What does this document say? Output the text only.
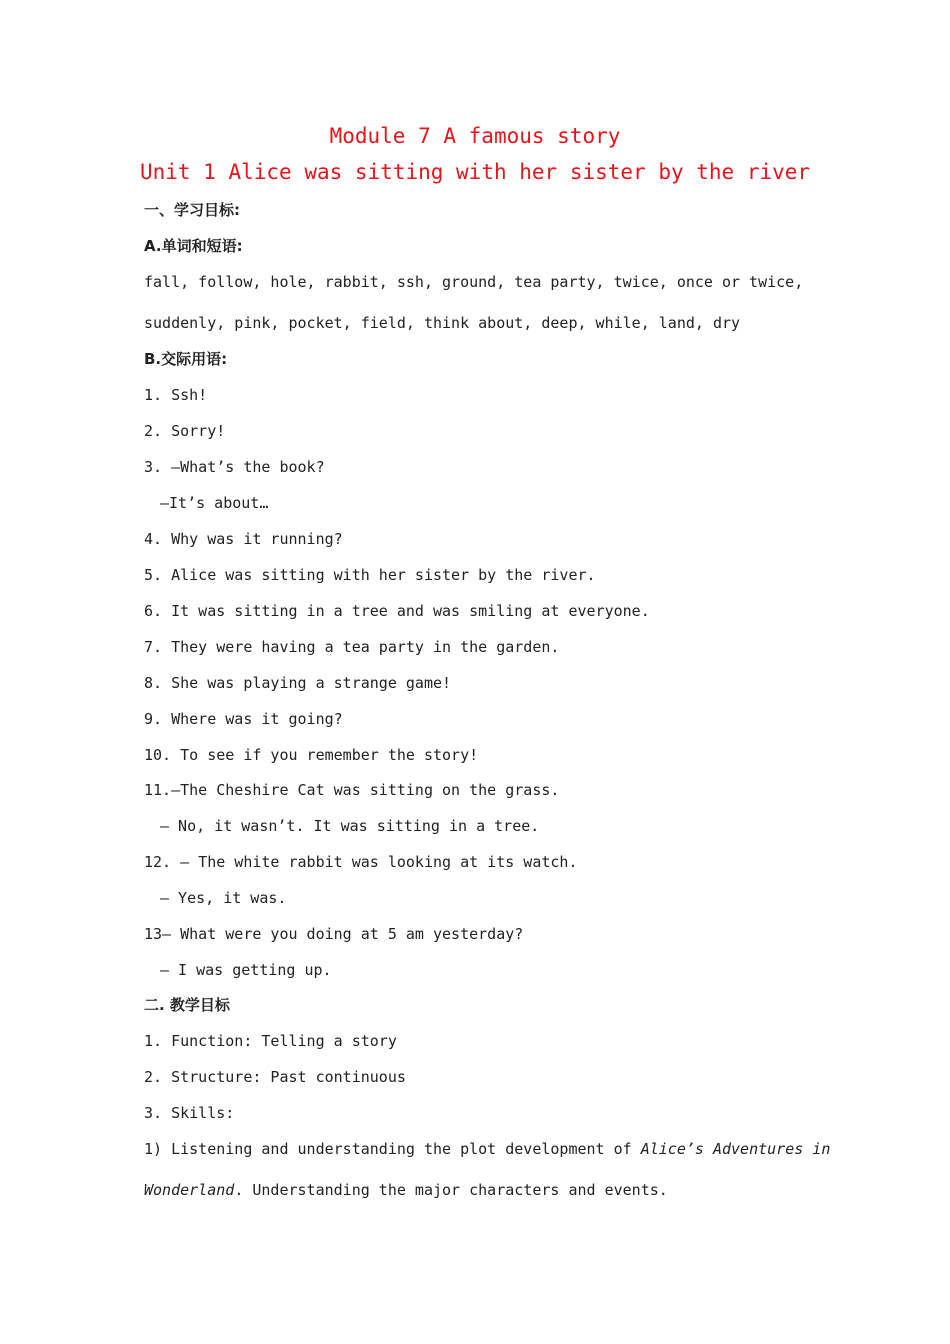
Module 7 A famous story
Unit 1 Alice was sitting with her sister by the river
一、学习目标:
A.单词和短语:
fall, follow, hole, rabbit, ssh, ground, tea party, twice, once or twice,
suddenly, pink, pocket, field, think about, deep, while, land, dry
B.交际用语:
1. Ssh!
2. Sorry!
3. —What’s the book?
—It’s about…
4. Why was it running?
5. Alice was sitting with her sister by the river.
6. It was sitting in a tree and was smiling at everyone.
7. They were having a tea party in the garden.
8. She was playing a strange game!
9. Where was it going?
10. To see if you remember the story!
11.—The Cheshire Cat was sitting on the grass.
— No, it wasn’t. It was sitting in a tree.
12. — The white rabbit was looking at its watch.
— Yes, it was.
13— What were you doing at 5 am yesterday?
— I was getting up.
二. 教学目标
1. Function: Telling a story
2. Structure: Past continuous
3. Skills:
1) Listening and understanding the plot development of Alice’s Adventures in
Wonderland. Understanding the major characters and events.
